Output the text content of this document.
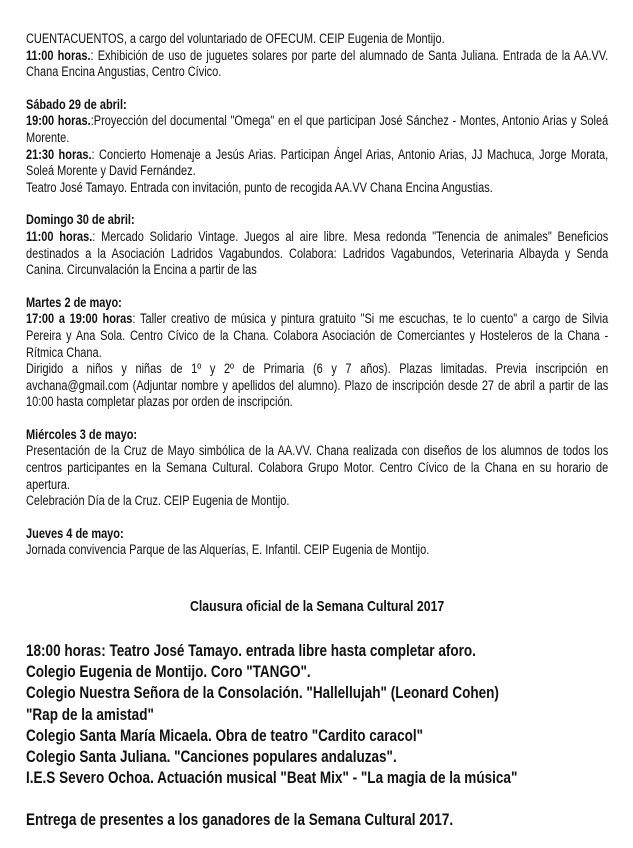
CUENTACUENTOS, a cargo del voluntariado de OFECUM. CEIP Eugenia de Montijo.
11:00 horas.: Exhibición de uso de juguetes solares por parte del alumnado de Santa Juliana. Entrada de la AA.VV. Chana Encina Angustias, Centro Cívico.
Sábado 29 de abril:
19:00 horas.:Proyección del documental "Omega" en el que participan José Sánchez - Montes, Antonio Arias y Soleá Morente.
21:30 horas.: Concierto Homenaje a Jesús Arias. Participan Ángel Arias, Antonio Arias, JJ Machuca, Jorge Morata, Soleá Morente y David Fernández.
Teatro José Tamayo. Entrada con invitación, punto de recogida AA.VV Chana Encina Angustias.
Domingo 30 de abril:
11:00 horas.: Mercado Solidario Vintage. Juegos al aire libre. Mesa redonda "Tenencia de animales" Beneficios destinados a la Asociación Ladridos Vagabundos. Colabora: Ladridos Vagabundos, Veterinaria Albayda y Senda Canina. Circunvalación la Encina a partir de las
Martes 2 de mayo:
17:00 a 19:00 horas: Taller creativo de música y pintura gratuito "Si me escuchas, te lo cuento" a cargo de Silvia Pereira y Ana Sola. Centro Cívico de la Chana. Colabora Asociación de Comerciantes y Hosteleros de la Chana - Rítmica Chana.
Dirigido a niños y niñas de 1º y 2º de Primaria (6 y 7 años). Plazas limitadas. Previa inscripción en avchana@gmail.com (Adjuntar nombre y apellidos del alumno). Plazo de inscripción desde 27 de abril a partir de las 10:00 hasta completar plazas por orden de inscripción.
Miércoles 3 de mayo:
Presentación de la Cruz de Mayo simbólica de la AA.VV. Chana realizada con diseños de los alumnos de todos los centros participantes en la Semana Cultural. Colabora Grupo Motor. Centro Cívico de la Chana en su horario de apertura.
Celebración Día de la Cruz. CEIP Eugenia de Montijo.
Jueves 4 de mayo:
Jornada convivencia Parque de las Alquerías, E. Infantil. CEIP Eugenia de Montijo.
Clausura oficial de la Semana Cultural 2017
18:00 horas: Teatro José Tamayo. entrada libre hasta completar aforo.
Colegio Eugenia de Montijo. Coro "TANGO".
Colegio Nuestra Señora de la Consolación. "Hallellujah" (Leonard Cohen)
"Rap de la amistad"
Colegio Santa María Micaela. Obra de teatro "Cardito caracol"
Colegio Santa Juliana. "Canciones populares andaluzas".
I.E.S Severo Ochoa. Actuación musical "Beat Mix" - "La magia de la música"
Entrega de presentes a los ganadores de la Semana Cultural 2017.
